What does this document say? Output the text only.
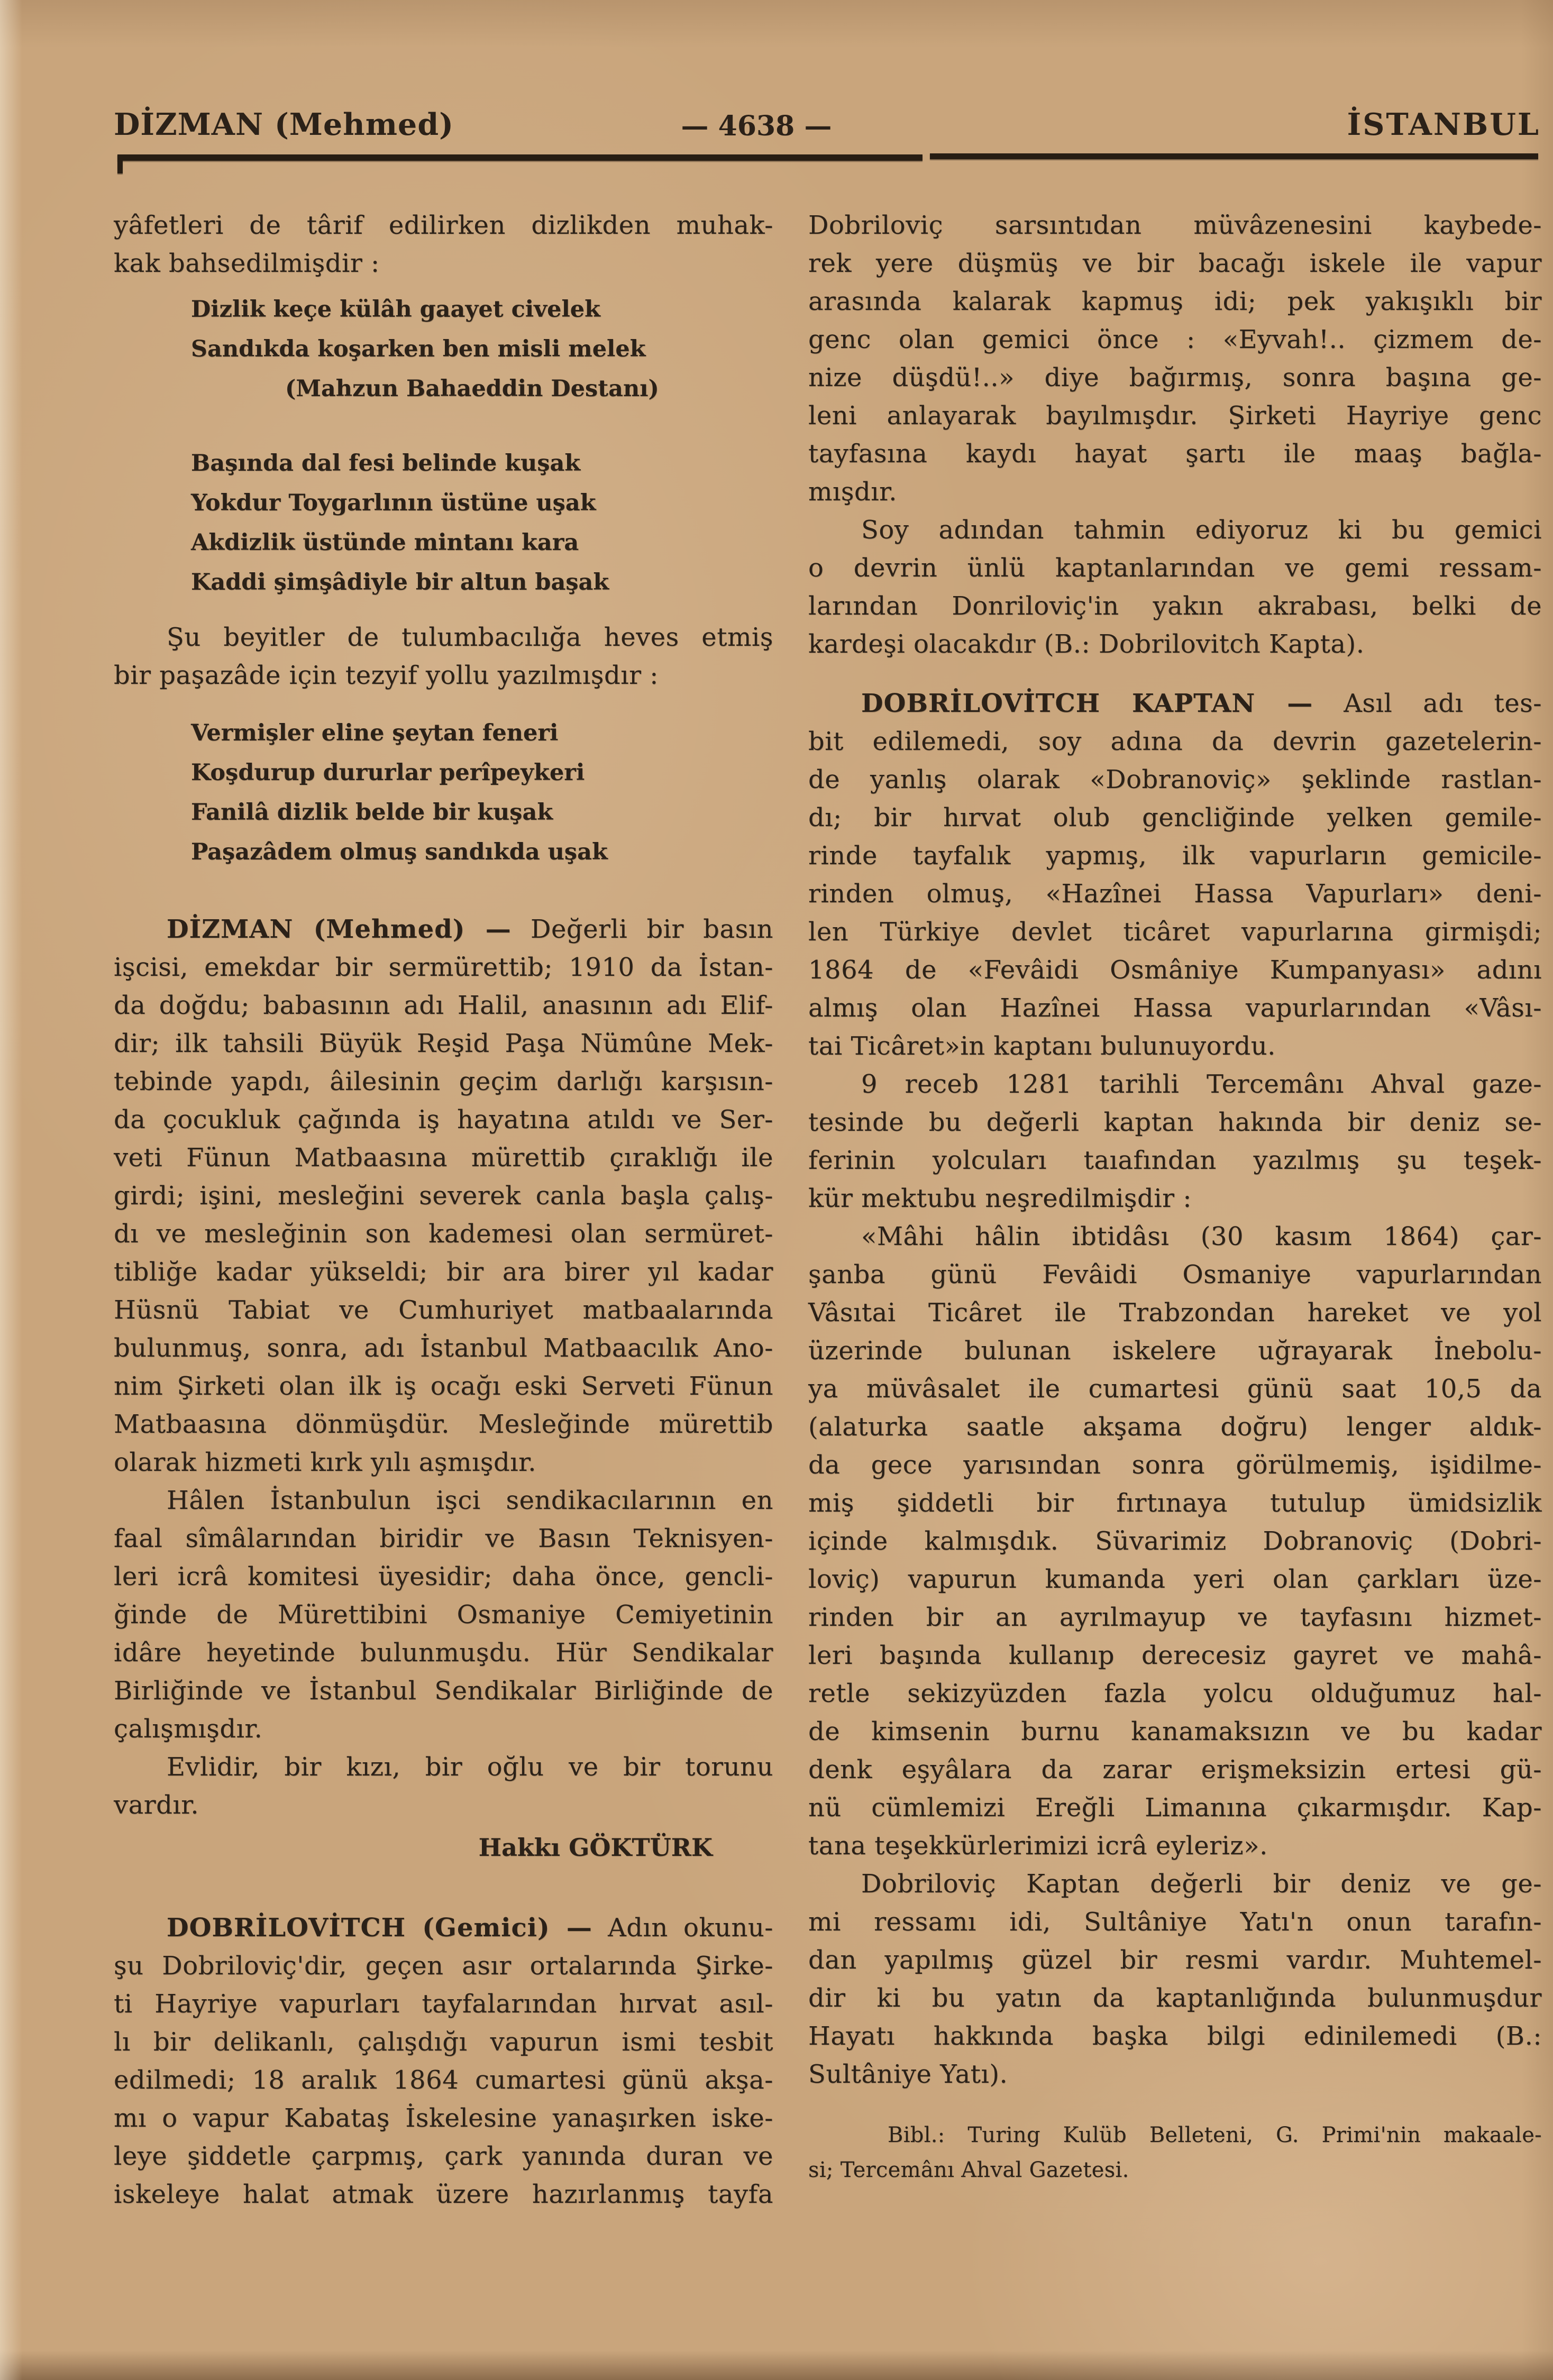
DİZMAN (Mehmed)	— 4638 —	İSTANBUL
yâfetleri de târif edilirken dizlikden muhak-
kak bahsedilmişdir :
Dizlik keçe külâh gaayet civelek
Sandıkda koşarken ben misli melek
(Mahzun Bahaeddin Destanı)
Başında dal fesi belinde kuşak
Yokdur Toygarlının üstüne uşak
Akdizlik üstünde mintanı kara
Kaddi şimşâdiyle bir altun başak
Şu beyitler de tulumbacılığa heves etmiş
bir paşazâde için tezyif yollu yazılmışdır :
Vermişler eline şeytan feneri
Koşdurup dururlar perîpeykeri
Fanilâ dizlik belde bir kuşak
Paşazâdem olmuş sandıkda uşak
DİZMAN (Mehmed) — Değerli bir basın
işcisi, emekdar bir sermürettib; 1910 da İstan-
da doğdu; babasının adı Halil, anasının adı Elif-
dir; ilk tahsili Büyük Reşid Paşa Nümûne Mek-
tebinde yapdı, âilesinin geçim darlığı karşısın-
da çocukluk çağında iş hayatına atıldı ve Ser-
veti Fünun Matbaasına mürettib çıraklığı ile
girdi; işini, mesleğini severek canla başla çalış-
dı ve mesleğinin son kademesi olan sermüret-
tibliğe kadar yükseldi; bir ara birer yıl kadar
Hüsnü Tabiat ve Cumhuriyet matbaalarında
bulunmuş, sonra, adı İstanbul Matbaacılık Ano-
nim Şirketi olan ilk iş ocağı eski Serveti Fünun
Matbaasına dönmüşdür. Mesleğinde mürettib
olarak hizmeti kırk yılı aşmışdır.
Hâlen İstanbulun işci sendikacılarının en
faal sîmâlarından biridir ve Basın Teknisyen-
leri icrâ komitesi üyesidir; daha önce, gencli-
ğinde de Mürettibini Osmaniye Cemiyetinin
idâre heyetinde bulunmuşdu. Hür Sendikalar
Birliğinde ve İstanbul Sendikalar Birliğinde de
çalışmışdır.
Evlidir, bir kızı, bir oğlu ve bir torunu
vardır.
Hakkı GÖKTÜRK
DOBRİLOVİTCH (Gemici) — Adın okunu-
şu Dobriloviç'dir, geçen asır ortalarında Şirke-
ti Hayriye vapurları tayfalarından hırvat asıl-
lı bir delikanlı, çalışdığı vapurun ismi tesbit
edilmedi; 18 aralık 1864 cumartesi günü akşa-
mı o vapur Kabataş İskelesine yanaşırken iske-
leye şiddetle çarpmış, çark yanında duran ve
iskeleye halat atmak üzere hazırlanmış tayfa
Dobriloviç sarsıntıdan müvâzenesini kaybede-
rek yere düşmüş ve bir bacağı iskele ile vapur
arasında kalarak kapmuş idi; pek yakışıklı bir
genc olan gemici önce : «Eyvah!.. çizmem de-
nize düşdü!..» diye bağırmış, sonra başına ge-
leni anlayarak bayılmışdır. Şirketi Hayriye genc
tayfasına kaydı hayat şartı ile maaş bağla-
mışdır.
Soy adından tahmin ediyoruz ki bu gemici
o devrin ünlü kaptanlarından ve gemi ressam-
larından Donriloviç'in yakın akrabası, belki de
kardeşi olacakdır (B.: Dobrilovitch Kapta).
DOBRİLOVİTCH KAPTAN — Asıl adı tes-
bit edilemedi, soy adına da devrin gazetelerin-
de yanlış olarak «Dobranoviç» şeklinde rastlan-
dı; bir hırvat olub gencliğinde yelken gemile-
rinde tayfalık yapmış, ilk vapurların gemicile-
rinden olmuş, «Hazînei Hassa Vapurları» deni-
len Türkiye devlet ticâret vapurlarına girmişdi;
1864 de «Fevâidi Osmâniye Kumpanyası» adını
almış olan Hazînei Hassa vapurlarından «Vâsı-
tai Ticâret»in kaptanı bulunuyordu.
9 receb 1281 tarihli Tercemânı Ahval gaze-
tesinde bu değerli kaptan hakında bir deniz se-
ferinin yolcuları taıafından yazılmış şu teşek-
kür mektubu neşredilmişdir :
«Mâhi hâlin ibtidâsı (30 kasım 1864) çar-
şanba günü Fevâidi Osmaniye vapurlarından
Vâsıtai Ticâret ile Trabzondan hareket ve yol
üzerinde bulunan iskelere uğrayarak İnebolu-
ya müvâsalet ile cumartesi günü saat 10,5 da
(alaturka saatle akşama doğru) lenger aldık-
da gece yarısından sonra görülmemiş, işidilme-
miş şiddetli bir fırtınaya tutulup ümidsizlik
içinde kalmışdık. Süvarimiz Dobranoviç (Dobri-
loviç) vapurun kumanda yeri olan çarkları üze-
rinden bir an ayrılmayup ve tayfasını hizmet-
leri başında kullanıp derecesiz gayret ve mahâ-
retle sekizyüzden fazla yolcu olduğumuz hal-
de kimsenin burnu kanamaksızın ve bu kadar
denk eşyâlara da zarar erişmeksizin ertesi gü-
nü cümlemizi Ereğli Limanına çıkarmışdır. Kap-
tana teşekkürlerimizi icrâ eyleriz».
Dobriloviç Kaptan değerli bir deniz ve ge-
mi ressamı idi, Sultâniye Yatı'n onun tarafın-
dan yapılmış güzel bir resmi vardır. Muhtemel-
dir ki bu yatın da kaptanlığında bulunmuşdur
Hayatı hakkında başka bilgi edinilemedi (B.:
Sultâniye Yatı).
Bibl.: Turing Kulüb Belleteni, G. Primi'nin makaale-
si; Tercemânı Ahval Gazetesi.
